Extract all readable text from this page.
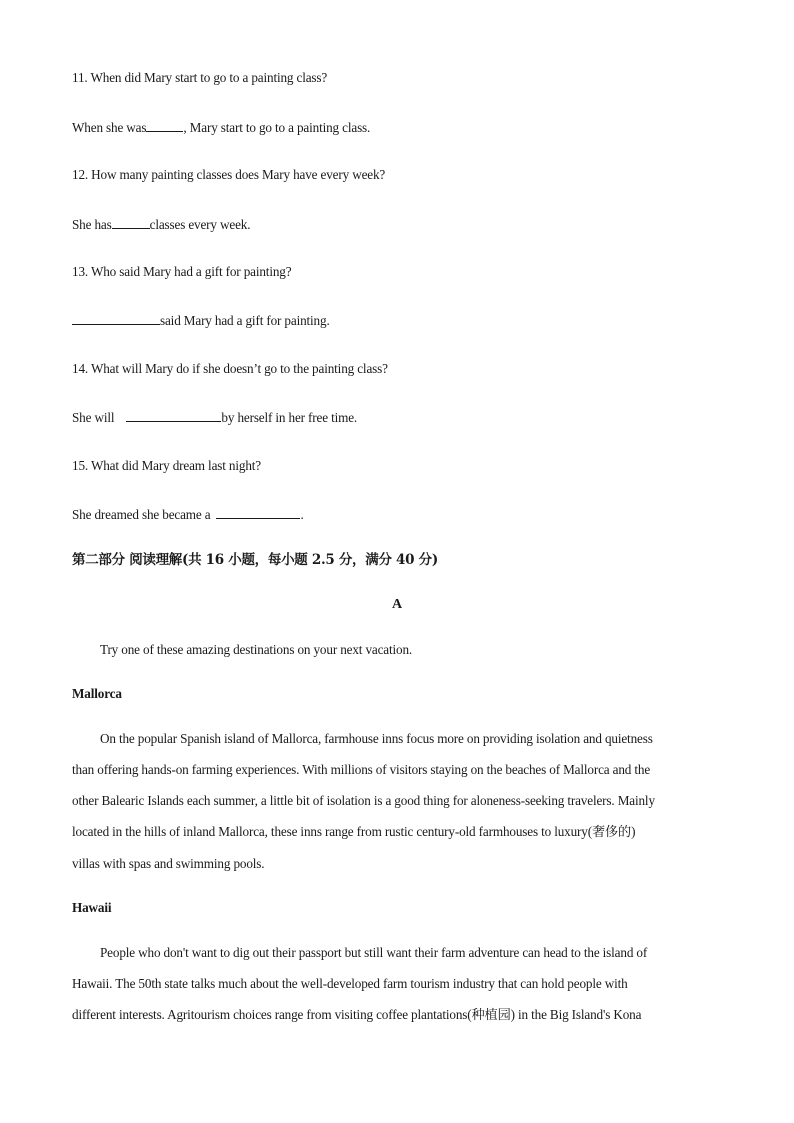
11. When did Mary start to go to a painting class?
When she was	, Mary start to go to a painting class.
12. How many painting classes does Mary have every week?
She has	classes every week.
13. Who said Mary had a gift for painting?
said Mary had a gift for painting.
14. What will Mary do if she doesn’t go to the painting class?
She will	by herself in her free time.
15. What did Mary dream last night?
She dreamed she became a	.
第二部分 阅读理解(共 16 小题，每小题 2.5 分，满分 40 分)
A
Try one of these amazing destinations on your next vacation.
Mallorca
On the popular Spanish island of Mallorca, farmhouse inns focus more on providing isolation and quietness
than offering hands-on farming experiences. With millions of visitors staying on the beaches of Mallorca and the
other Balearic Islands each summer, a little bit of isolation is a good thing for aloneness-seeking travelers. Mainly
located in the hills of inland Mallorca, these inns range from rustic century-old farmhouses to luxury(奢侈的)
villas with spas and swimming pools.
Hawaii
People who don't want to dig out their passport but still want their farm adventure can head to the island of
Hawaii. The 50th state talks much about the well-developed farm tourism industry that can hold people with
different interests. Agritourism choices range from visiting coffee plantations(种植园) in the Big Island's Kona
